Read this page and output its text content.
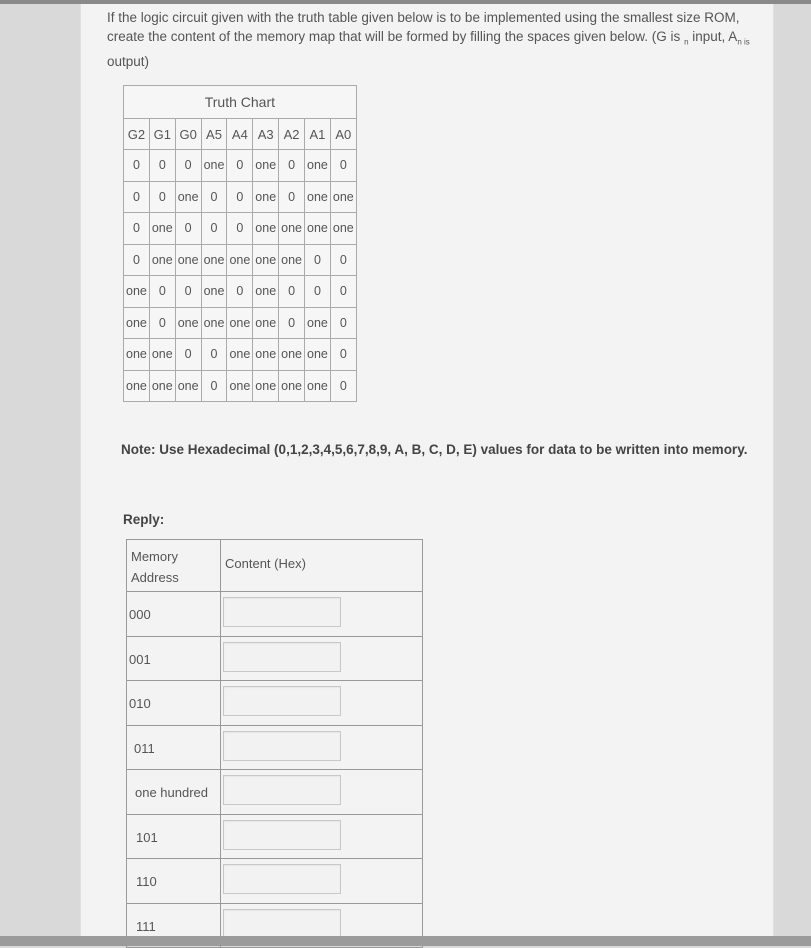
If the logic circuit given with the truth table given below is to be implemented using the smallest size ROM, create the content of the memory map that will be formed by filling the spaces given below. (G is $_n$ input, $A_{n is}$ output)
Truth Chart								
G2	G1	G0	A5	A4	A3	A2	A1	A0
0	0	0	one	0	one	0	one	0
0	0	one	0	0	one	0	one	one
0	one	0	0	0	one	one	one	one
0	one	one	one	one	one	one	0	0
one	0	0	one	0	one	0	0	0
one	0	one	one	one	one	0	one	0
one	one	0	0	one	one	one	one	0
one	one	one	0	one	one	one	one	0
Note: Use Hexadecimal (0,1,2,3,4,5,6,7,8,9, A, B, C, D, E) values for data to be written into memory.
Reply:
Memory Address	Content (Hex)
000	

001	

010	

011	

one hundred	

101	

110	

111	
